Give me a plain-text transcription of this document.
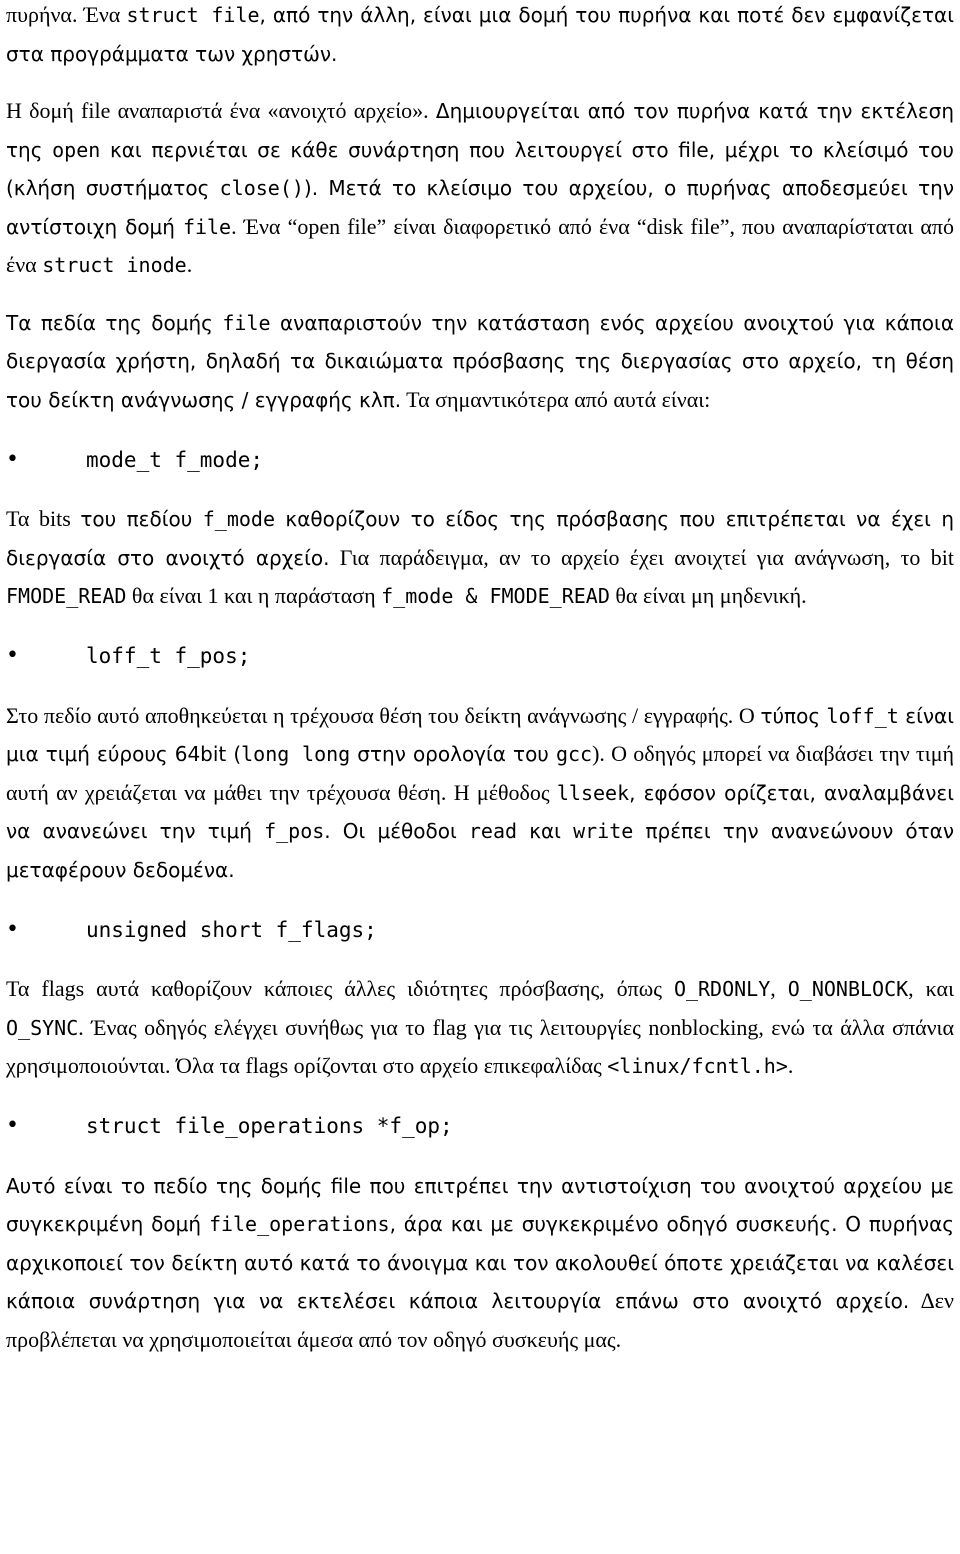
πυρήνα. Ένα struct file, από την άλλη, είναι μια δομή του πυρήνα και ποτέ δεν εμφανίζεται στα προγράμματα των χρηστών.

Η δομή file αναπαριστά ένα «ανοιχτό αρχείο». Δημιουργείται από τον πυρήνα κατά την εκτέλεση της open και περνιέται σε κάθε συνάρτηση που λειτουργεί στο file, μέχρι το κλείσιμό του (κλήση συστήματος close()). Μετά το κλείσιμο του αρχείου, ο πυρήνας αποδεσμεύει την αντίστοιχη δομή file. Ένα “open file” είναι διαφορετικό από ένα “disk file”, που αναπαρίσταται από ένα struct inode.

Τα πεδία της δομής file αναπαριστούν την κατάσταση ενός αρχείου ανοιχτού για κάποια διεργασία χρήστη, δηλαδή τα δικαιώματα πρόσβασης της διεργασίας στο αρχείο, τη θέση του δείκτη ανάγνωσης / εγγραφής κλπ. Τα σημαντικότερα από αυτά είναι:

•	mode_t f_mode;

Τα bits του πεδίου f_mode καθορίζουν το είδος της πρόσβασης που επιτρέπεται να έχει η διεργασία στο ανοιχτό αρχείο. Για παράδειγμα, αν το αρχείο έχει ανοιχτεί για ανάγνωση, το bit FMODE_READ θα είναι 1 και η παράσταση f_mode & FMODE_READ θα είναι μη μηδενική.

•	loff_t f_pos;

Στο πεδίο αυτό αποθηκεύεται η τρέχουσα θέση του δείκτη ανάγνωσης / εγγραφής. Ο τύπος loff_t είναι μια τιμή εύρους 64bit (long long στην ορολογία του gcc). Ο οδηγός μπορεί να διαβάσει την τιμή αυτή αν χρειάζεται να μάθει την τρέχουσα θέση. Η μέθοδος llseek, εφόσον ορίζεται, αναλαμβάνει να ανανεώνει την τιμή f_pos. Οι μέθοδοι read και write πρέπει την ανανεώνουν όταν μεταφέρουν δεδομένα.

•	unsigned short f_flags;

Τα flags αυτά καθορίζουν κάποιες άλλες ιδιότητες πρόσβασης, όπως O_RDONLY, O_NONBLOCK, και O_SYNC. Ένας οδηγός ελέγχει συνήθως για το flag για τις λειτουργίες nonblocking, ενώ τα άλλα σπάνια χρησιμοποιούνται. Όλα τα flags ορίζονται στο αρχείο επικεφαλίδας <linux/fcntl.h>.

•	struct file_operations *f_op;

Αυτό είναι το πεδίο της δομής file που επιτρέπει την αντιστοίχιση του ανοιχτού αρχείου με συγκεκριμένη δομή file_operations, άρα και με συγκεκριμένο οδηγό συσκευής. Ο πυρήνας αρχικοποιεί τον δείκτη αυτό κατά το άνοιγμα και τον ακολουθεί όποτε χρειάζεται να καλέσει κάποια συνάρτηση για να εκτελέσει κάποια λειτουργία επάνω στο ανοιχτό αρχείο. Δεν προβλέπεται να χρησιμοποιείται άμεσα από τον οδηγό συσκευής μας.
